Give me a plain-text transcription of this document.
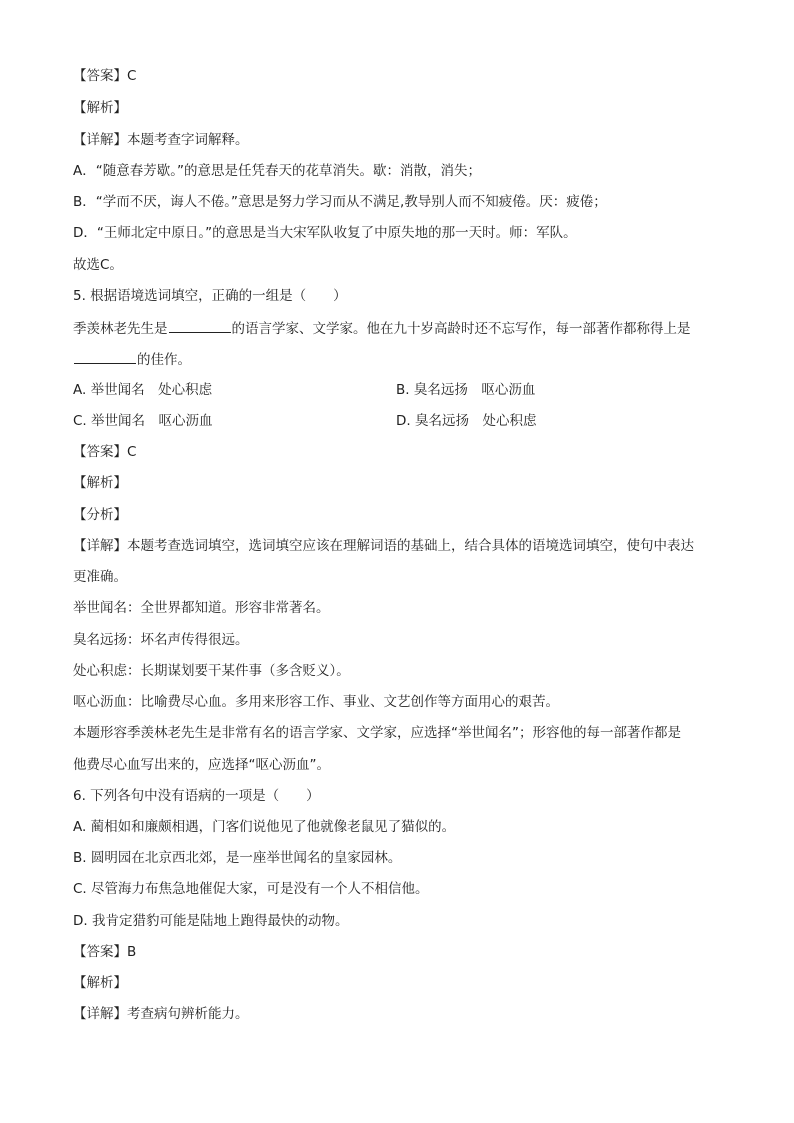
【答案】C
【解析】
【详解】本题考查字词解释。
A．“随意春芳歇。”的意思是任凭春天的花草消失。歇：消散，消失；
B．“学而不厌，诲人不倦。”意思是努力学习而从不满足,教导别人而不知疲倦。厌：疲倦；
D．“王师北定中原日。”的意思是当大宋军队收复了中原失地的那一天时。师：军队。
故选C。
5. 根据语境选词填空，正确的一组是（　　）
季羡林老先生是	的语言学家、文学家。他在九十岁高龄时还不忘写作，每一部著作都称得上是
的佳作。
A. 举世闻名　处心积虑	B. 臭名远扬　呕心沥血
C. 举世闻名　呕心沥血	D. 臭名远扬　处心积虑
【答案】C
【解析】
【分析】
【详解】本题考查选词填空，选词填空应该在理解词语的基础上，结合具体的语境选词填空，使句中表达
更准确。
举世闻名：全世界都知道。形容非常著名。
臭名远扬：坏名声传得很远。
处心积虑：长期谋划要干某件事（多含贬义）。
呕心沥血：比喻费尽心血。多用来形容工作、事业、文艺创作等方面用心的艰苦。
本题形容季羡林老先生是非常有名的语言学家、文学家，应选择“举世闻名”；形容他的每一部著作都是
他费尽心血写出来的，应选择“呕心沥血”。
6. 下列各句中没有语病的一项是（　　）
A. 蔺相如和廉颇相遇，门客们说他见了他就像老鼠见了猫似的。
B. 圆明园在北京西北郊，是一座举世闻名的皇家园林。
C. 尽管海力布焦急地催促大家，可是没有一个人不相信他。
D. 我肯定猎豹可能是陆地上跑得最快的动物。
【答案】B
【解析】
【详解】考查病句辨析能力。
